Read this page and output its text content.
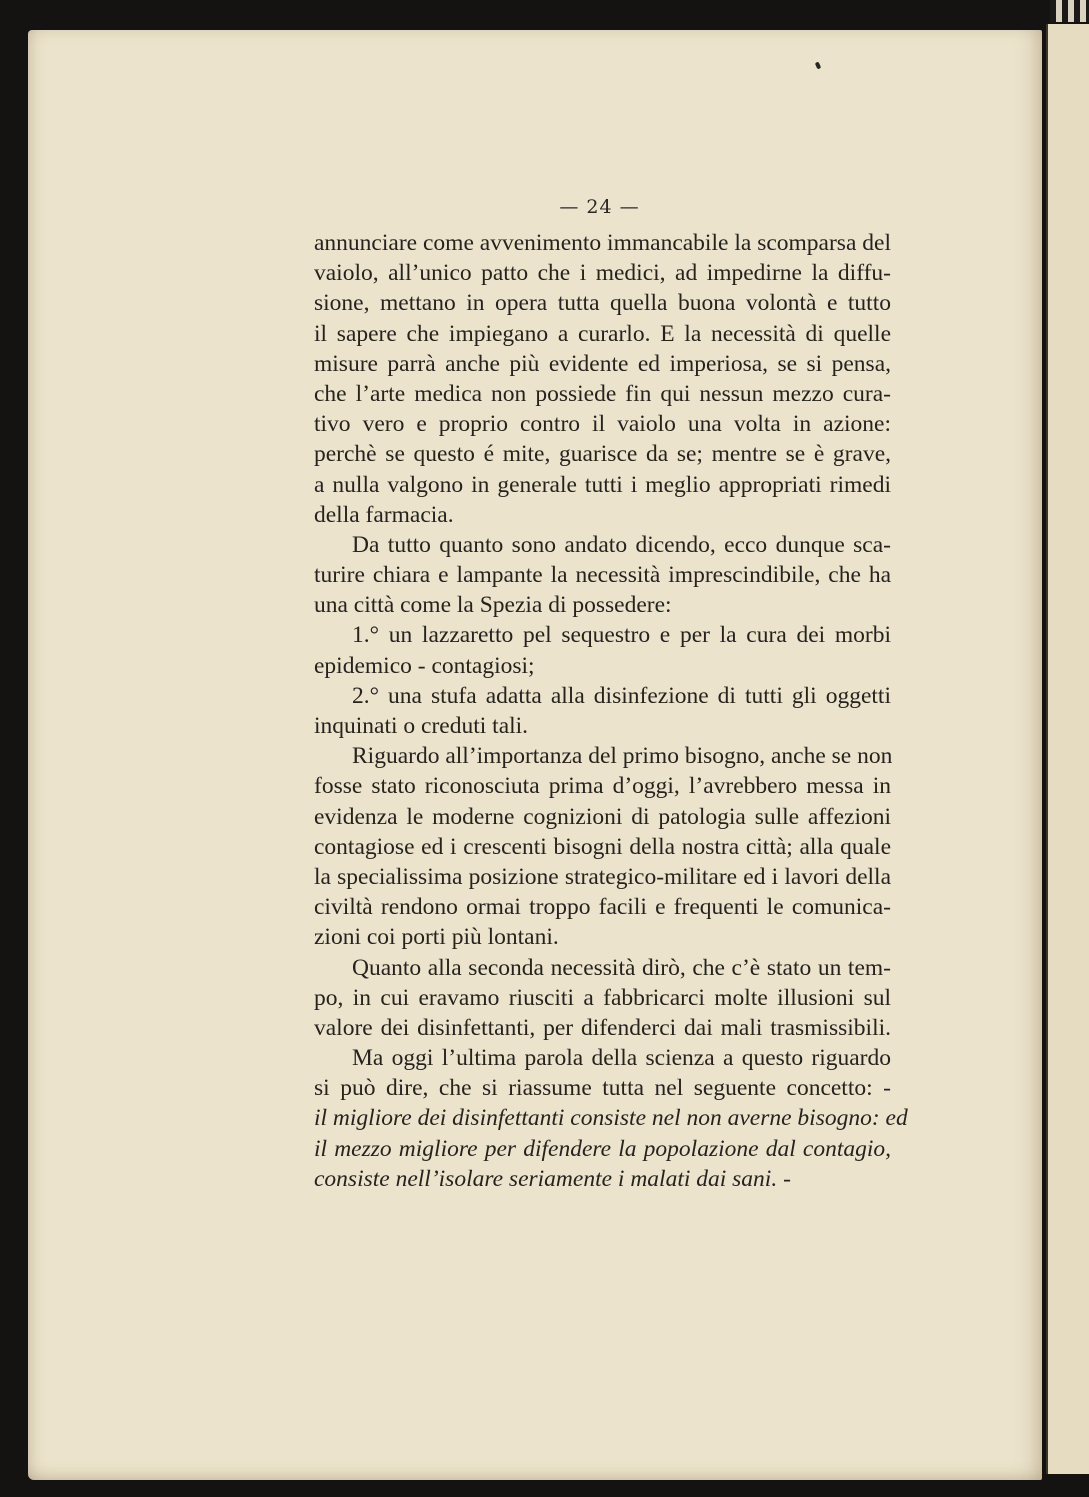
— 24 —
annunciare come avvenimento immancabile la scomparsa del
vaiolo, all’unico patto che i medici, ad impedirne la diffu-
sione, mettano in opera tutta quella buona volontà e tutto
il sapere che impiegano a curarlo. E la necessità di quelle
misure parrà anche più evidente ed imperiosa, se si pensa,
che l’arte medica non possiede fin qui nessun mezzo cura-
tivo vero e proprio contro il vaiolo una volta in azione:
perchè se questo é mite, guarisce da se; mentre se è grave,
a nulla valgono in generale tutti i meglio appropriati rimedi
della farmacia.
Da tutto quanto sono andato dicendo, ecco dunque sca-
turire chiara e lampante la necessità imprescindibile, che ha
una città come la Spezia di possedere:
1.° un lazzaretto pel sequestro e per la cura dei morbi
epidemico - contagiosi;
2.° una stufa adatta alla disinfezione di tutti gli oggetti
inquinati o creduti tali.
Riguardo all’importanza del primo bisogno, anche se non
fosse stato riconosciuta prima d’oggi, l’avrebbero messa in
evidenza le moderne cognizioni di patologia sulle affezioni
contagiose ed i crescenti bisogni della nostra città; alla quale
la specialissima posizione strategico-militare ed i lavori della
civiltà rendono ormai troppo facili e frequenti le comunica-
zioni coi porti più lontani.
Quanto alla seconda necessità dirò, che c’è stato un tem-
po, in cui eravamo riusciti a fabbricarci molte illusioni sul
valore dei disinfettanti, per difenderci dai mali trasmissibili.
Ma oggi l’ultima parola della scienza a questo riguardo
si può dire, che si riassume tutta nel seguente concetto: -
il migliore dei disinfettanti consiste nel non averne bisogno: ed
il mezzo migliore per difendere la popolazione dal contagio,
consiste nell’isolare seriamente i malati dai sani. -
